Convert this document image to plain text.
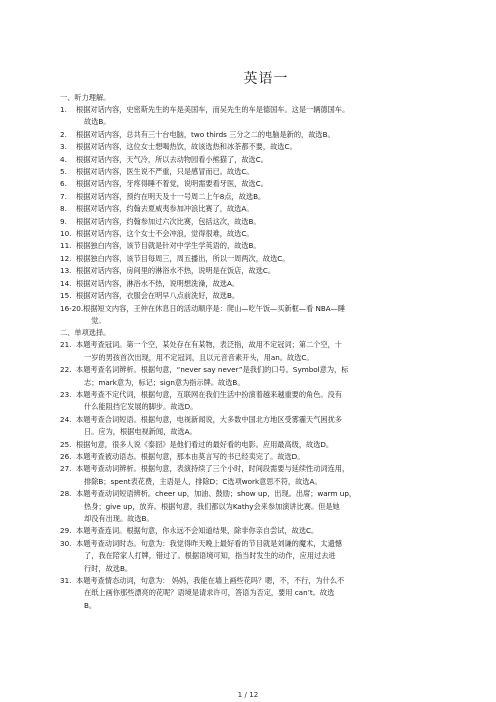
英语一
一、听力理解。
1.	根据对话内容，史密斯先生的车是美国车，而吴先生的车是德国车。这是一辆德国车。
故选B。
2.	根据对话内容，总共有三十台电脑，two thirds 三分之二的电脑是新的，故选B。
3.	根据对话内容，这位女士想喝热饮，故该选热和冰茶都不要，故选C。
4.	根据对话内容，天气冷，所以去动物园看小熊猫了，故选C。
5.	根据对话内容，医生说不严重，只是感冒而已。故选C。
6.	根据对话内容，牙疼得睡不着觉，说明需要看牙医，故选C。
7.	根据对话内容，预约在明天及十一号周二上午8点，故选B。
8.	根据对话内容，约翰去夏威夷参加冲浪比赛了，故选A。
9.	根据对话内容，约翰参加过六次比赛，包括这次，故选B。
10. 根据对话内容，这个女士不会冲浪，觉得很难，故选C。
11. 根据独白内容，该节目就是针对中学生学英语的，故选B。
12. 根据独白内容，该节目每周三，周五播出，所以一周两次，故选C。
13. 根据对话内容，房间里的淋浴水不热，说明是在饭店，故选C。
14. 根据对话内容，淋浴水不热，说明想洗澡，故选A。
15. 根据对话内容，衣服会在明早八点前洗好，故选B。
16-20. 根据短文内容，王仲在休息日的活动顺序是：爬山—吃午饭—买新框—看 NBA—睡
觉。
二、单项选择。
21. 本题考查冠词。第一个空，某处存在有某物，表泛指，故用不定冠词；第二个空，十
一岁的男孩首次出现，用不定冠词，且以元音音素开头，用an。故选C。
22. 本题考查名词辨析。根据句意，“never say never”是我们的口号。Symbol意为，标
志；mark意为，标记；sign意为指示牌。故选B。
23. 本题考查不定代词，根据句意，互联网在我们生活中扮演着越来越重要的角色。没有
什么能阻挡它发展的脚步。故选D。
24. 本题考查合词短语。根据句意，电视新闻说，大多数中国北方地区受雾霾天气困扰多
日。应为，根据电视新闻，故选A。
25. 根据句意，很多人说《泰囧》是他们看过的最好看的电影。应用最高级，故选D。
26. 本题考查被动语态。根据句意，那本由莫言写的书已经卖完了。故选D。
27. 本题考查动词辨析。根据句意，表演持续了三个小时，时间段需要与延续性动词连用，
排除B；spent表花费，主语是人，排除D；C选项work意思不符，故选A。
28. 本题考查动词短语辨析。cheer up，加油、鼓励；show up，出现。出席；warm up，
热身；give up，放弃。根据句意，我们都以为Kathy会来参加演讲比赛。但是她
却没有出现。故选B。
29. 本题考查连词。根据句意，你永远不会知道结果，除非你亲自尝试，故选C。
30. 本题考查动词时态。句意为：我觉得昨天晚上最好看的节目就是刘谦的魔术，太遗憾
了，我在陪家人打牌，错过了。根据语境可知，指当时发生的动作，应用过去进
行时，故选B。
31. 本题考查情态动词，句意为： 妈妈，我能在墙上画些花吗？嗯，不，不行，为什么不
在纸上画你那些漂亮的花呢？语境是请求许可，答语为否定，要用 can’t。故选
B。
1 / 12
